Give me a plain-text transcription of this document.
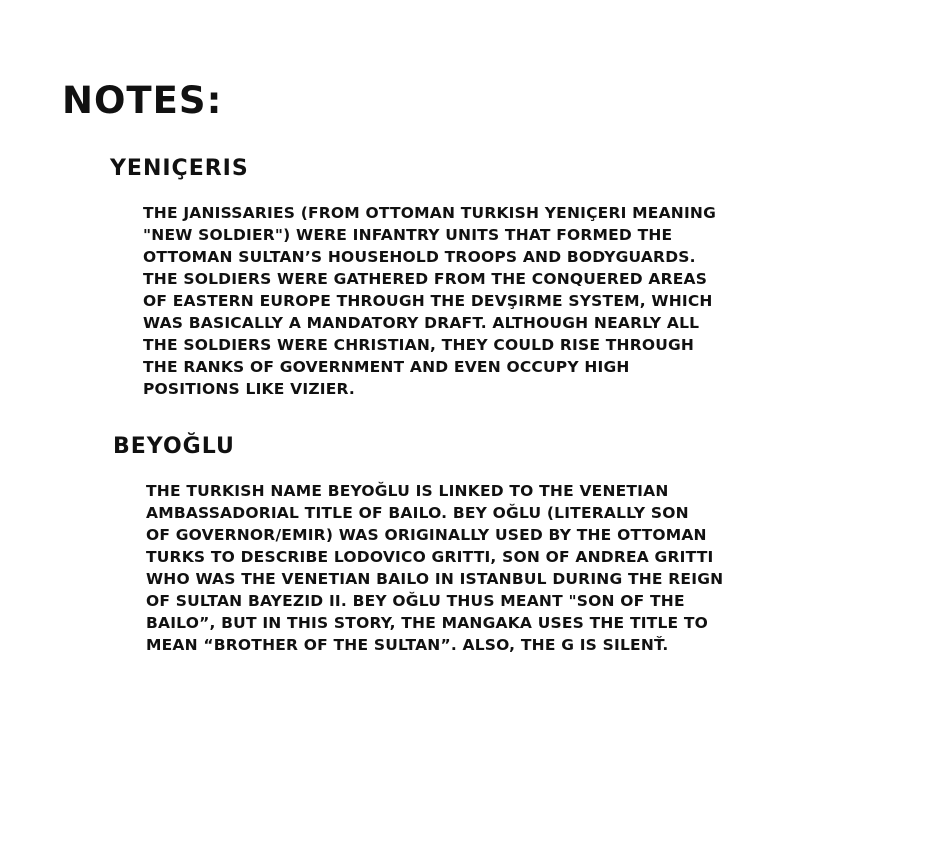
NOTES:
YENIÇERIS

THE JANISSARIES (FROM OTTOMAN TURKISH YENIÇERI MEANING
"NEW SOLDIER") WERE INFANTRY UNITS THAT FORMED THE
OTTOMAN SULTAN’S HOUSEHOLD TROOPS AND BODYGUARDS.
THE SOLDIERS WERE GATHERED FROM THE CONQUERED AREAS
OF EASTERN EUROPE THROUGH THE DEVŞIRME SYSTEM, WHICH
WAS BASICALLY A MANDATORY DRAFT. ALTHOUGH NEARLY ALL
THE SOLDIERS WERE CHRISTIAN, THEY COULD RISE THROUGH
THE RANKS OF GOVERNMENT AND EVEN OCCUPY HIGH
POSITIONS LIKE VIZIER.

BEYOĞLU

THE TURKISH NAME BEYOĞLU IS LINKED TO THE VENETIAN
AMBASSADORIAL TITLE OF BAILO. BEY OĞLU (LITERALLY SON
OF GOVERNOR/EMIR) WAS ORIGINALLY USED BY THE OTTOMAN
TURKS TO DESCRIBE LODOVICO GRITTI, SON OF ANDREA GRITTI
WHO WAS THE VENETIAN BAILO IN ISTANBUL DURING THE REIGN
OF SULTAN BAYEZID II. BEY OĞLU THUS MEANT "SON OF THE
BAILO”, BUT IN THIS STORY, THE MANGAKA USES THE TITLE TO
MEAN “BROTHER OF THE SULTAN”. ALSO, THE G IS SILENŤ.
